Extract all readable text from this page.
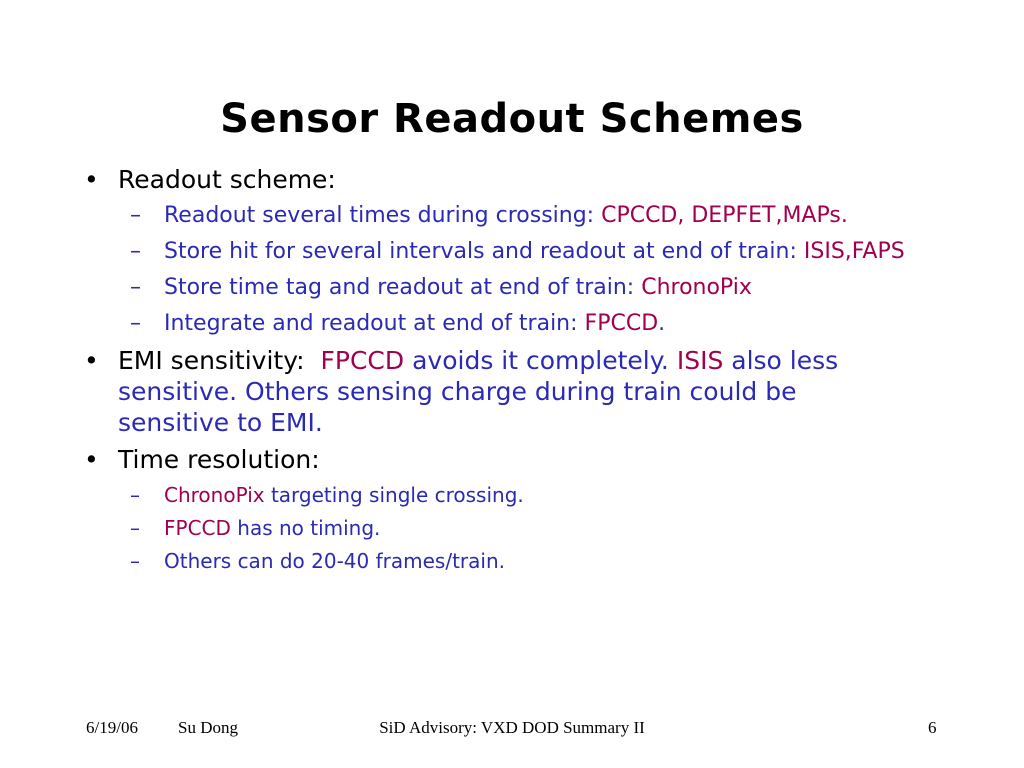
Sensor Readout Schemes
• Readout scheme:
– Readout several times during crossing: CPCCD, DEPFET,MAPs.
– Store hit for several intervals and readout at end of train: ISIS,FAPS
– Store time tag and readout at end of train: ChronoPix
– Integrate and readout at end of train: FPCCD.
• EMI sensitivity: FPCCD avoids it completely. ISIS also less sensitive. Others sensing charge during train could be sensitive to EMI.
• Time resolution:
– ChronoPix targeting single crossing.
– FPCCD has no timing.
– Others can do 20-40 frames/train.
6/19/06 Su Dong	SiD Advisory: VXD DOD Summary II	6
